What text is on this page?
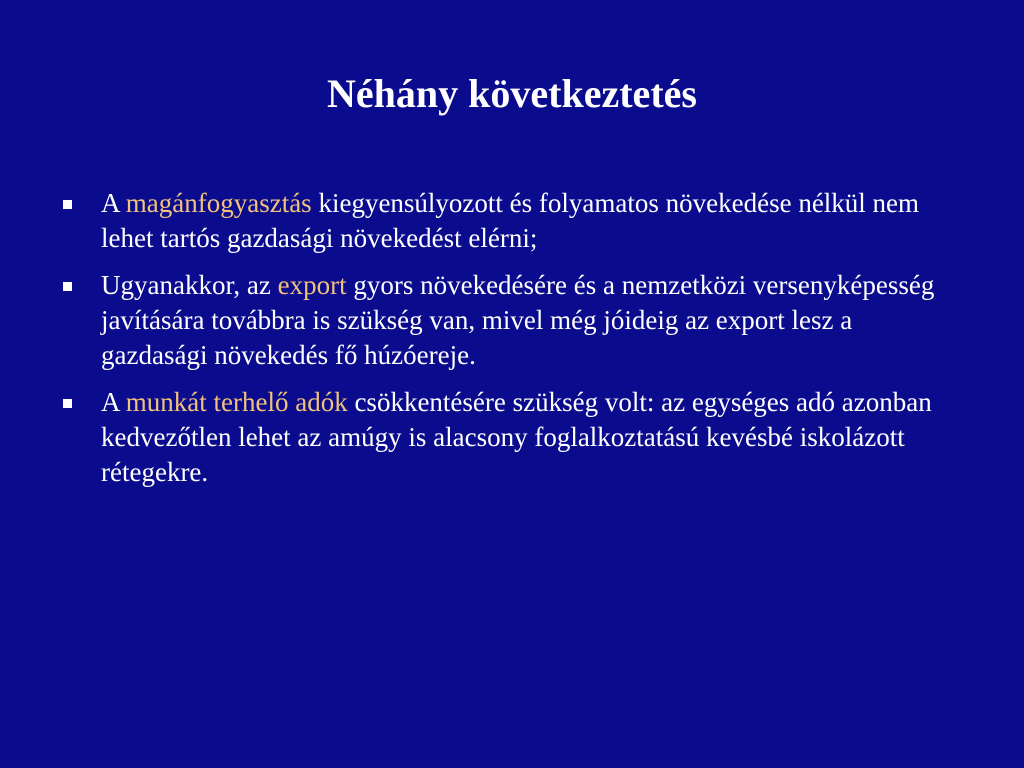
Néhány következtetés
A magánfogyasztás kiegyensúlyozott és folyamatos növekedése nélkül nem lehet tartós gazdasági növekedést elérni;
Ugyanakkor, az export gyors növekedésére és a nemzetközi versenyképesség javítására továbbra is szükség van, mivel még jóideig az export lesz a gazdasági növekedés fő húzóereje.
A munkát terhelő adók csökkentésére szükség volt: az egységes adó azonban kedvezőtlen lehet az amúgy is alacsony foglalkoztatású kevésbé iskolázott rétegekre.
